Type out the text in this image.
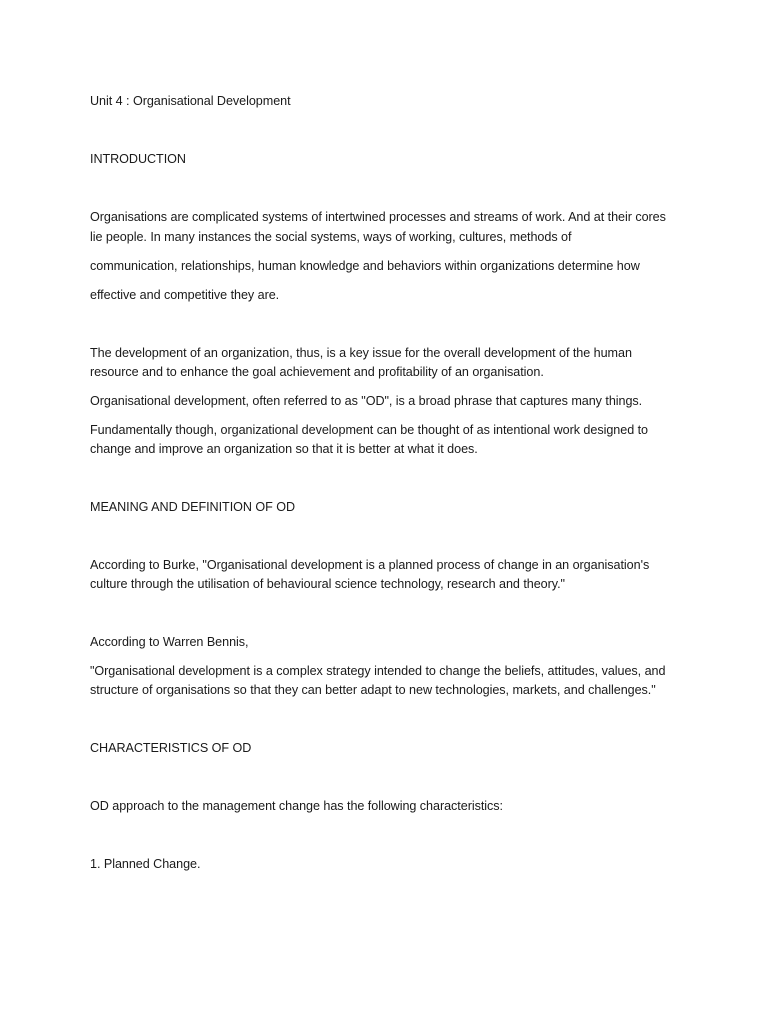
Unit 4 : Organisational Development
INTRODUCTION
Organisations are complicated systems of intertwined processes and streams of work. And at their cores
lie people. In many instances the social systems, ways of working, cultures, methods of
communication, relationships, human knowledge and behaviors within organizations determine how
effective and competitive they are.
The development of an organization, thus, is a key issue for the overall development of the human
resource and to enhance the goal achievement and profitability of an organisation.
Organisational development, often referred to as "OD", is a broad phrase that captures many things.
Fundamentally though, organizational development can be thought of as intentional work designed to
change and improve an organization so that it is better at what it does.
MEANING AND DEFINITION OF OD
According to Burke, "Organisational development is a planned process of change in an organisation's
culture through the utilisation of behavioural science technology, research and theory."
According to Warren Bennis,
"Organisational development is a complex strategy intended to change the beliefs, attitudes, values, and
structure of organisations so that they can better adapt to new technologies, markets, and challenges."
CHARACTERISTICS OF OD
OD approach to the management change has the following characteristics:
1. Planned Change.
